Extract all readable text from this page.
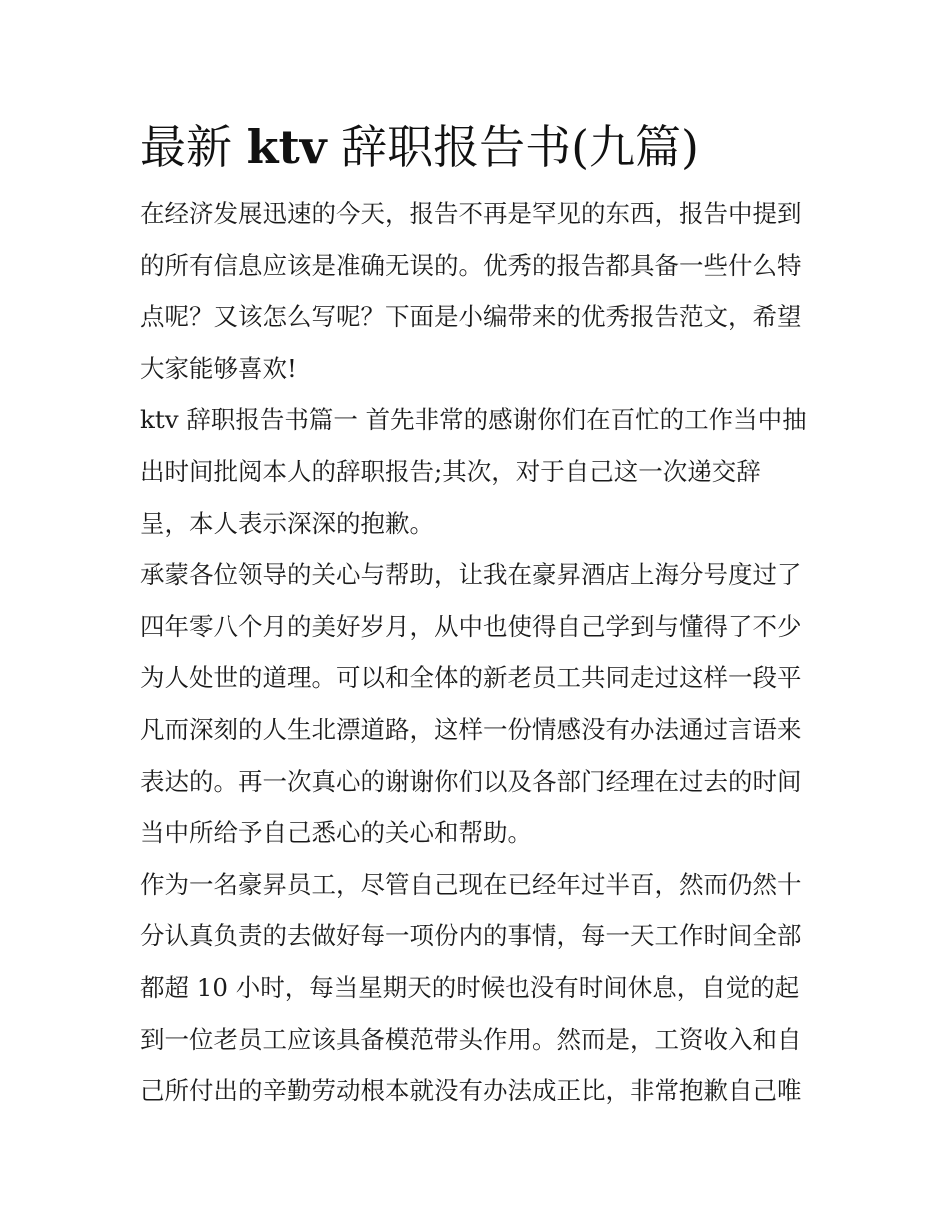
最新 ktv 辞职报告书(九篇)

在经济发展迅速的今天，报告不再是罕见的东西，报告中提到
的所有信息应该是准确无误的。优秀的报告都具备一些什么特
点呢？又该怎么写呢？下面是小编带来的优秀报告范文，希望
大家能够喜欢!

ktv 辞职报告书篇一 首先非常的感谢你们在百忙的工作当中抽
出时间批阅本人的辞职报告;其次，对于自己这一次递交辞
呈，本人表示深深的抱歉。

承蒙各位领导的关心与帮助，让我在豪昇酒店上海分号度过了
四年零八个月的美好岁月，从中也使得自己学到与懂得了不少
为人处世的道理。可以和全体的新老员工共同走过这样一段平
凡而深刻的人生北漂道路，这样一份情感没有办法通过言语来
表达的。再一次真心的谢谢你们以及各部门经理在过去的时间
当中所给予自己悉心的关心和帮助。

作为一名豪昇员工，尽管自己现在已经年过半百，然而仍然十
分认真负责的去做好每一项份内的事情，每一天工作时间全部
都超 10 小时，每当星期天的时候也没有时间休息，自觉的起
到一位老员工应该具备模范带头作用。然而是，工资收入和自
己所付出的辛勤劳动根本就没有办法成正比，非常抱歉自己唯
